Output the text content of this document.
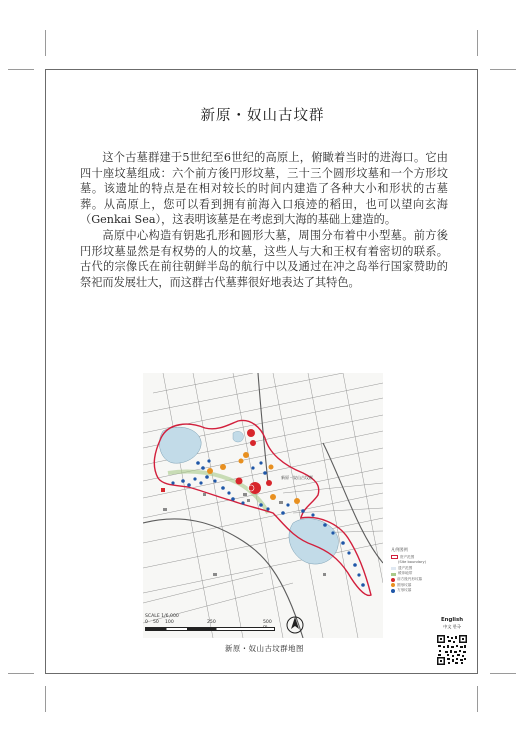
新原・奴山古坟群

这个古墓群建于5世纪至6世纪的高原上，俯瞰着当时的进海口。它由四十座坟墓组成：六个前方後円形坟墓，三十三个圆形坟墓和一个方形坟墓。该遗址的特点是在相对较长的时间内建造了各种大小和形状的古墓葬。从高原上，您可以看到拥有前海入口痕迹的稻田，也可以望向玄海（Genkai Sea），这表明该墓是在考虑到大海的基础上建造的。

高原中心构造有钥匙孔形和圆形大墓，周围分布着中小型墓。前方後円形坟墓显然是有权势的人的坟墓，这些人与大和王权有着密切的联系。古代的宗像氏在前往朝鲜半岛的航行中以及通过在冲之岛举行国家赞助的祭祀而发展壮大，而这群古代墓葬很好地表达了其特色。

新原・奴山古坟群
凡例図例
资产范围
(Site boundary)
遗产范围
缓冲地带
前方後円形坟墓
圆形坟墓
方形坟墓
SCALE 1/6,000
0 50 100	250	500
新原・奴山古坟群地图
English
中文 한국
